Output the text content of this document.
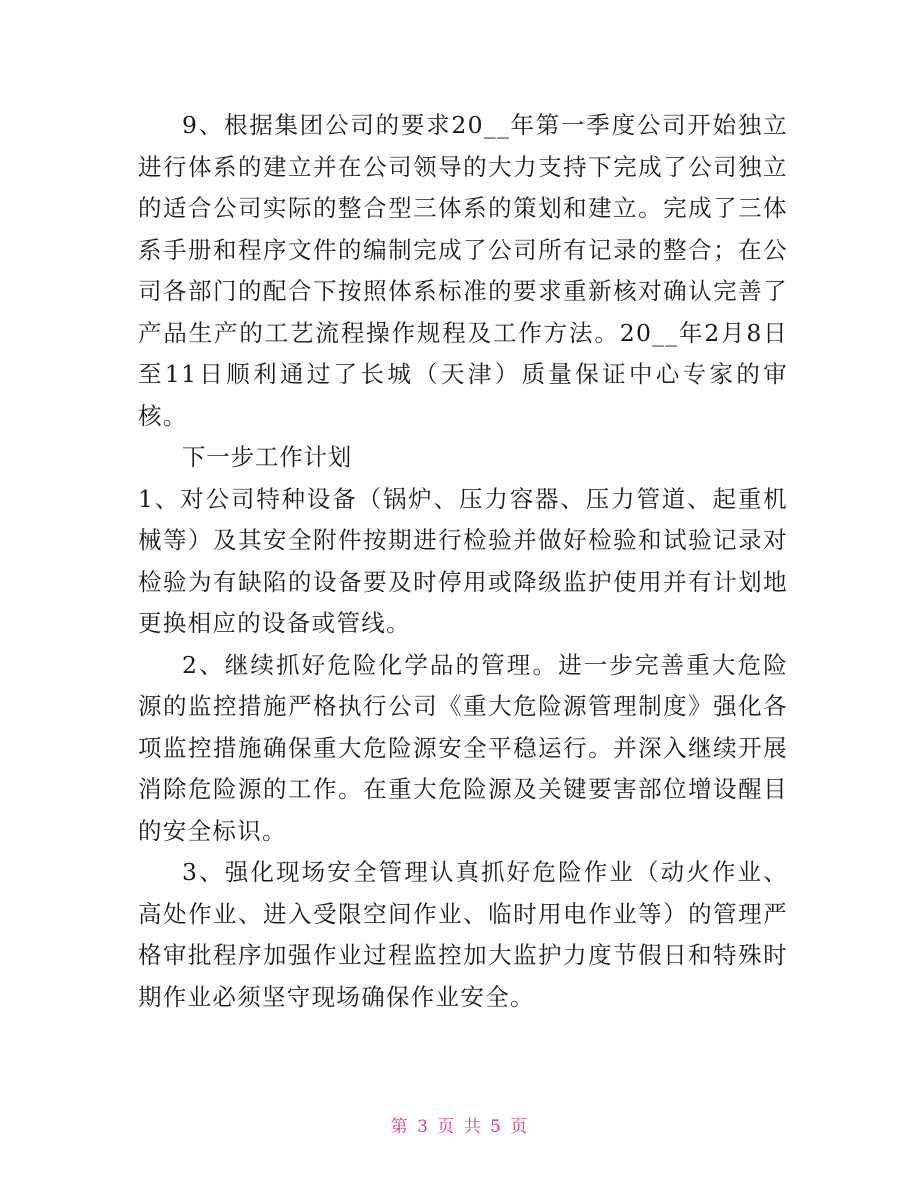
9、根据集团公司的要求20__年第一季度公司开始独立进行体系的建立并在公司领导的大力支持下完成了公司独立的适合公司实际的整合型三体系的策划和建立。完成了三体系手册和程序文件的编制完成了公司所有记录的整合；在公司各部门的配合下按照体系标准的要求重新核对确认完善了产品生产的工艺流程操作规程及工作方法。20__年2月8日至11日顺利通过了长城（天津）质量保证中心专家的审核。

下一步工作计划

1、对公司特种设备（锅炉、压力容器、压力管道、起重机械等）及其安全附件按期进行检验并做好检验和试验记录对检验为有缺陷的设备要及时停用或降级监护使用并有计划地更换相应的设备或管线。

2、继续抓好危险化学品的管理。进一步完善重大危险源的监控措施严格执行公司《重大危险源管理制度》强化各项监控措施确保重大危险源安全平稳运行。并深入继续开展消除危险源的工作。在重大危险源及关键要害部位增设醒目的安全标识。

3、强化现场安全管理认真抓好危险作业（动火作业、高处作业、进入受限空间作业、临时用电作业等）的管理严格审批程序加强作业过程监控加大监护力度节假日和特殊时期作业必须坚守现场确保作业安全。

第 3 页 共 5 页
